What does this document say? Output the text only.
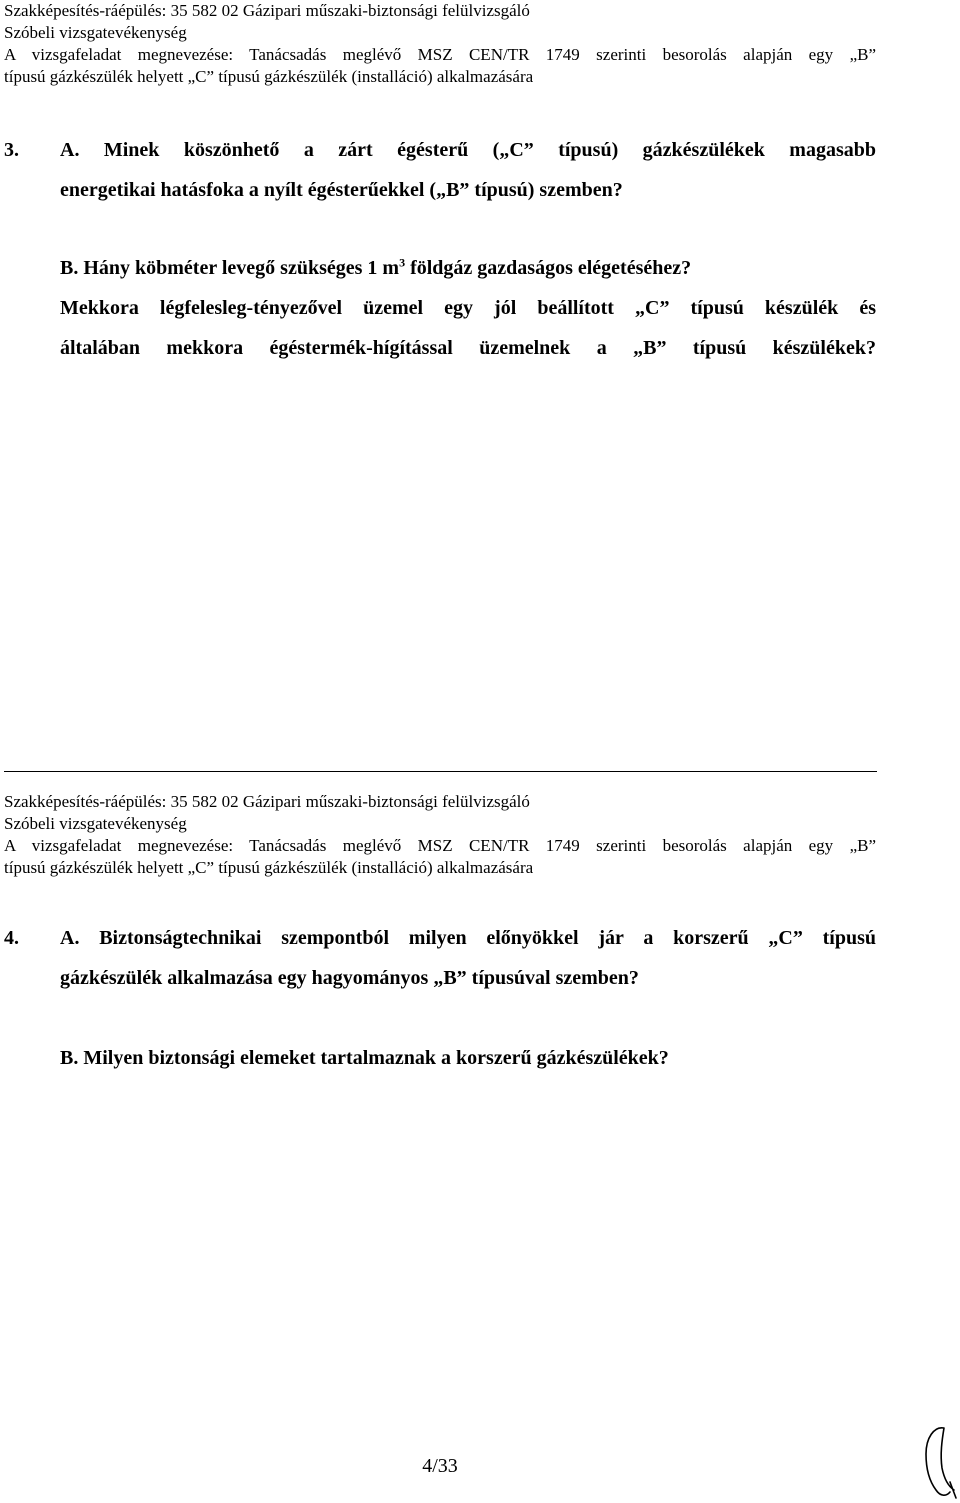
Szakképesítés-ráépülés: 35 582 02 Gázipari műszaki-biztonsági felülvizsgáló
Szóbeli vizsgatevékenység
A vizsgafeladat megnevezése: Tanácsadás meglévő MSZ CEN/TR 1749 szerinti besorolás alapján egy „B”
típusú gázkészülék helyett „C” típusú gázkészülék (installáció) alkalmazására
3. A. Minek köszönhető a zárt égésterű („C” típusú) gázkészülékek magasabb
energetikai hatásfoka a nyílt égésterűekkel („B” típusú) szemben?
B. Hány köbméter levegő szükséges 1 $m^3$ földgáz gazdaságos elégetéséhez?
Mekkora légfelesleg-tényezővel üzemel egy jól beállított „C” típusú készülék és
általában mekkora égéstermék-hígítással üzemelnek a „B” típusú készülékek?
Szakképesítés-ráépülés: 35 582 02 Gázipari műszaki-biztonsági felülvizsgáló
Szóbeli vizsgatevékenység
A vizsgafeladat megnevezése: Tanácsadás meglévő MSZ CEN/TR 1749 szerinti besorolás alapján egy „B”
típusú gázkészülék helyett „C” típusú gázkészülék (installáció) alkalmazására
4. A. Biztonságtechnikai szempontból milyen előnyökkel jár a korszerű „C” típusú
gázkészülék alkalmazása egy hagyományos „B” típusúval szemben?
B. Milyen biztonsági elemeket tartalmaznak a korszerű gázkészülékek?
4/33
